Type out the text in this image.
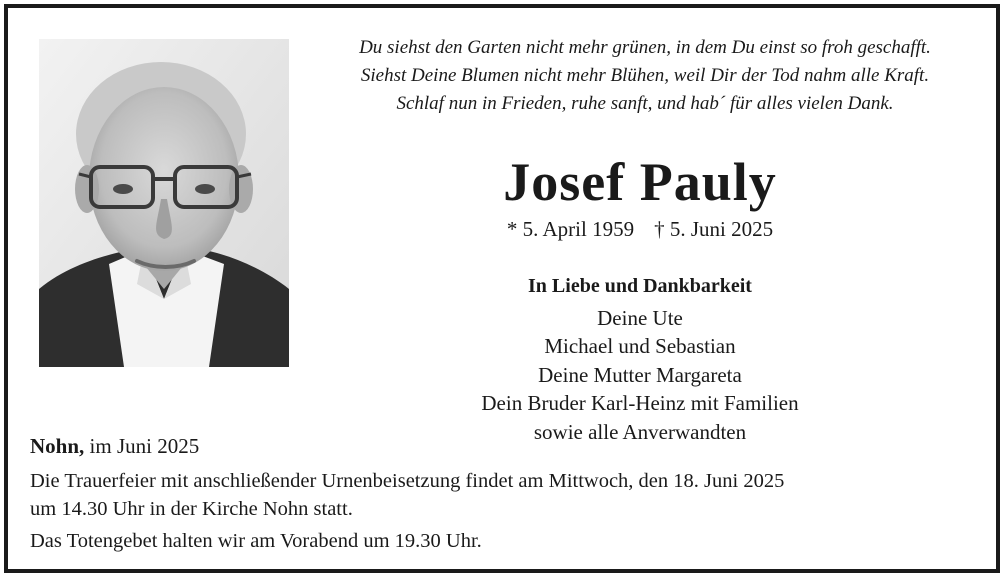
Du siehst den Garten nicht mehr grünen, in dem Du einst so froh geschafft.
Siehst Deine Blumen nicht mehr Blühen, weil Dir der Tod nahm alle Kraft.
Schlaf nun in Frieden, ruhe sanft, und hab´ für alles vielen Dank.
Josef Pauly
* 5. April 1959 † 5. Juni 2025
In Liebe und Dankbarkeit
Deine Ute
Michael und Sebastian
Deine Mutter Margareta
Dein Bruder Karl-Heinz mit Familien
sowie alle Anverwandten
Nohn, im Juni 2025
Die Trauerfeier mit anschließender Urnenbeisetzung findet am Mittwoch, den 18. Juni 2025
um 14.30 Uhr in der Kirche Nohn statt.
Das Totengebet halten wir am Vorabend um 19.30 Uhr.
